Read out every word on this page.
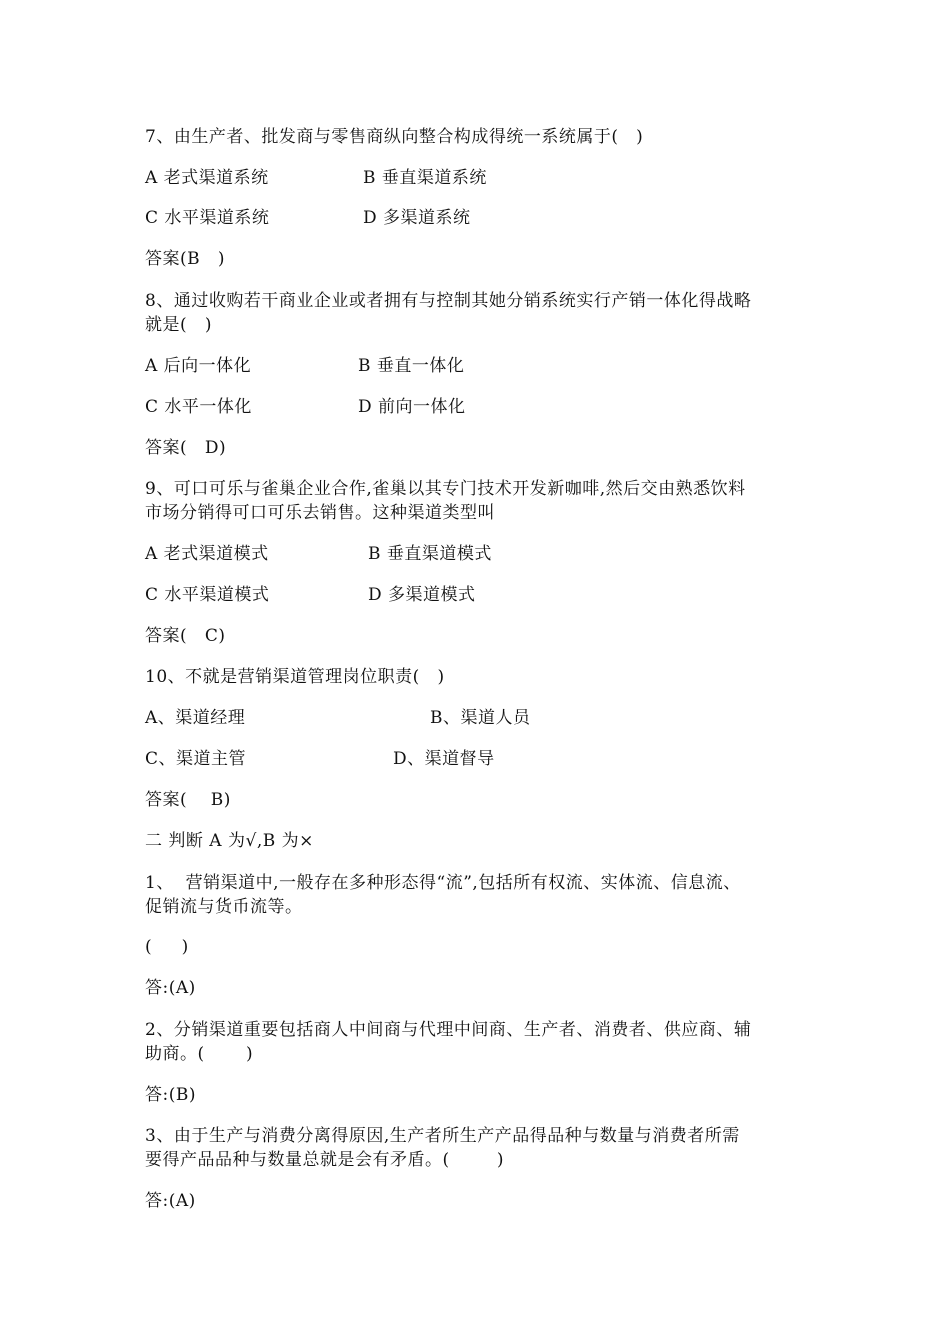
7、由生产者、批发商与零售商纵向整合构成得统一系统属于(   )
A 老式渠道系统	B 垂直渠道系统
C 水平渠道系统	D 多渠道系统
答案(B   )
8、通过收购若干商业企业或者拥有与控制其她分销系统实行产销一体化得战略
就是(   )
A 后向一体化	B 垂直一体化
C 水平一体化	D 前向一体化
答案(   D)
9、可口可乐与雀巢企业合作,雀巢以其专门技术开发新咖啡,然后交由熟悉饮料
市场分销得可口可乐去销售。这种渠道类型叫
A 老式渠道模式	B 垂直渠道模式
C 水平渠道模式	D 多渠道模式
答案(   C)
10、不就是营销渠道管理岗位职责(   )
A、渠道经理	B、渠道人员
C、渠道主管	D、渠道督导
答案(    B)
二 判断 A 为√,B 为×
1、  营销渠道中,一般存在多种形态得“流”,包括所有权流、实体流、信息流、
促销流与货币流等。
(     )
答:(A)
2、分销渠道重要包括商人中间商与代理中间商、生产者、消费者、供应商、辅
助商。(       )
答:(B)
3、由于生产与消费分离得原因,生产者所生产产品得品种与数量与消费者所需
要得产品品种与数量总就是会有矛盾。(        )
答:(A)
